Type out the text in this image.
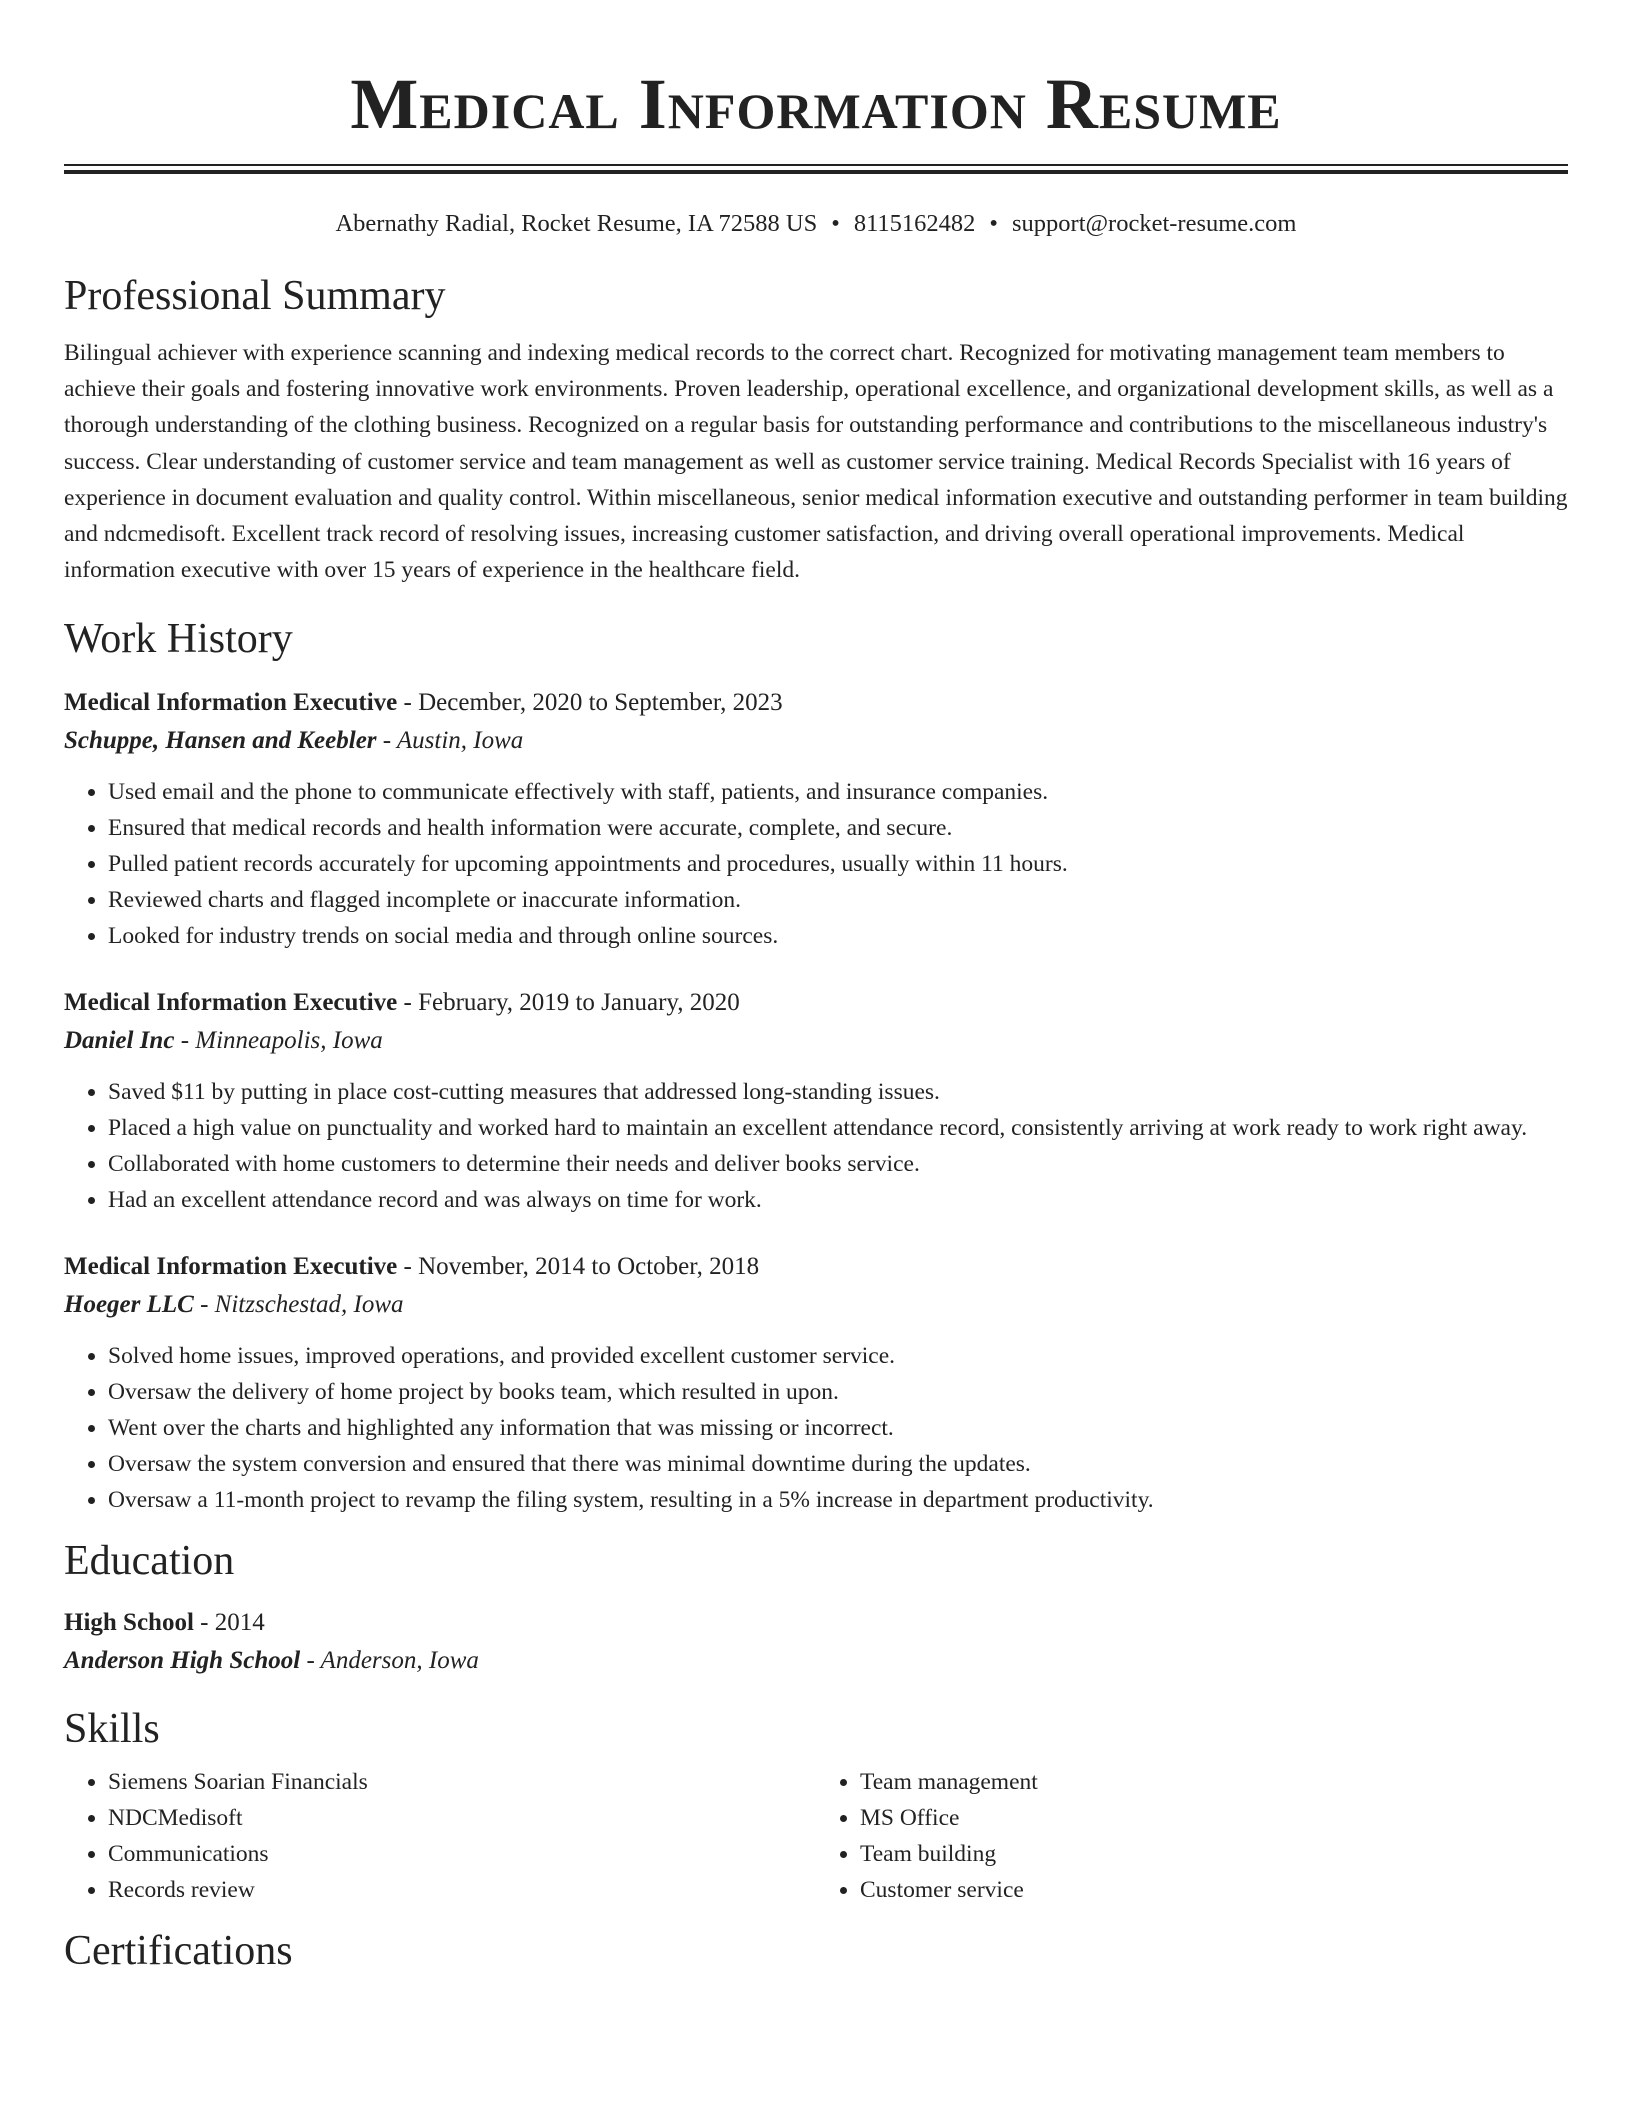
Medical Information Resume
Abernathy Radial, Rocket Resume, IA 72588 US • 8115162482 • support@rocket-resume.com
Professional Summary

Bilingual achiever with experience scanning and indexing medical records to the correct chart. Recognized for motivating management team members to achieve their goals and fostering innovative work environments. Proven leadership, operational excellence, and organizational development skills, as well as a thorough understanding of the clothing business. Recognized on a regular basis for outstanding performance and contributions to the miscellaneous industry's success. Clear understanding of customer service and team management as well as customer service training. Medical Records Specialist with 16 years of experience in document evaluation and quality control. Within miscellaneous, senior medical information executive and outstanding performer in team building and ndcmedisoft. Excellent track record of resolving issues, increasing customer satisfaction, and driving overall operational improvements. Medical information executive with over 15 years of experience in the healthcare field.

Work History
Medical Information Executive - December, 2020 to September, 2023
Schuppe, Hansen and Keebler - Austin, Iowa
• Used email and the phone to communicate effectively with staff, patients, and insurance companies.
• Ensured that medical records and health information were accurate, complete, and secure.
• Pulled patient records accurately for upcoming appointments and procedures, usually within 11 hours.
• Reviewed charts and flagged incomplete or inaccurate information.
• Looked for industry trends on social media and through online sources.
Medical Information Executive - February, 2019 to January, 2020
Daniel Inc - Minneapolis, Iowa
• Saved $11 by putting in place cost-cutting measures that addressed long-standing issues.
• Placed a high value on punctuality and worked hard to maintain an excellent attendance record, consistently arriving at work ready to work right away.
• Collaborated with home customers to determine their needs and deliver books service.
• Had an excellent attendance record and was always on time for work.
Medical Information Executive - November, 2014 to October, 2018
Hoeger LLC - Nitzschestad, Iowa
• Solved home issues, improved operations, and provided excellent customer service.
• Oversaw the delivery of home project by books team, which resulted in upon.
• Went over the charts and highlighted any information that was missing or incorrect.
• Oversaw the system conversion and ensured that there was minimal downtime during the updates.
• Oversaw a 11-month project to revamp the filing system, resulting in a 5% increase in department productivity.
Education
High School - 2014
Anderson High School - Anderson, Iowa
Skills
• Siemens Soarian Financials
• NDCMedisoft
• Communications
• Records review
• Team management
• MS Office
• Team building
• Customer service
Certifications
